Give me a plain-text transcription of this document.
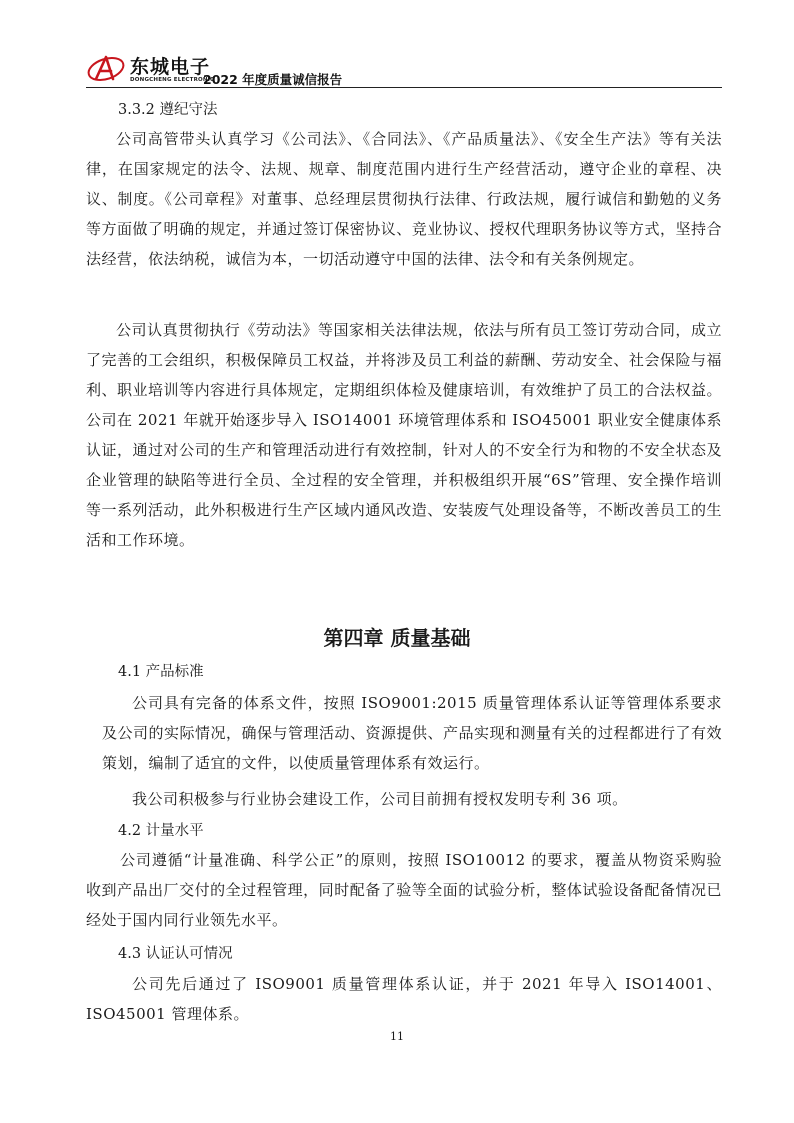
东城电子
DONGCHENG ELECTRONIC
2022 年度质量诚信报告
3.3.2 遵纪守法

公司高管带头认真学习《公司法》、《合同法》、《产品质量法》、《安全生产法》等有关法律，在国家规定的法令、法规、规章、制度范围内进行生产经营活动，遵守企业的章程、决议、制度。《公司章程》对董事、总经理层贯彻执行法律、行政法规，履行诚信和勤勉的义务等方面做了明确的规定，并通过签订保密协议、竞业协议、授权代理职务协议等方式，坚持合法经营，依法纳税，诚信为本，一切活动遵守中国的法律、法令和有关条例规定。

公司认真贯彻执行《劳动法》等国家相关法律法规，依法与所有员工签订劳动合同，成立了完善的工会组织，积极保障员工权益，并将涉及员工利益的薪酬、劳动安全、社会保险与福利、职业培训等内容进行具体规定，定期组织体检及健康培训，有效维护了员工的合法权益。公司在 2021 年就开始逐步导入 ISO14001 环境管理体系和 ISO45001 职业安全健康体系认证，通过对公司的生产和管理活动进行有效控制，针对人的不安全行为和物的不安全状态及企业管理的缺陷等进行全员、全过程的安全管理，并积极组织开展“6S”管理、安全操作培训等一系列活动，此外积极进行生产区域内通风改造、安装废气处理设备等，不断改善员工的生活和工作环境。

第四章 质量基础
4.1 产品标准

公司具有完备的体系文件，按照 ISO9001:2015 质量管理体系认证等管理体系要求及公司的实际情况，确保与管理活动、资源提供、产品实现和测量有关的过程都进行了有效策划，编制了适宜的文件，以使质量管理体系有效运行。

我公司积极参与行业协会建设工作，公司目前拥有授权发明专利 36 项。

4.2 计量水平

公司遵循“计量准确、科学公正”的原则，按照 ISO10012 的要求，覆盖从物资采购验收到产品出厂交付的全过程管理，同时配备了验等全面的试验分析，整体试验设备配备情况已经处于国内同行业领先水平。

4.3 认证认可情况

公司先后通过了 ISO9001 质量管理体系认证，并于 2021 年导入 ISO14001、ISO45001 管理体系。

11
